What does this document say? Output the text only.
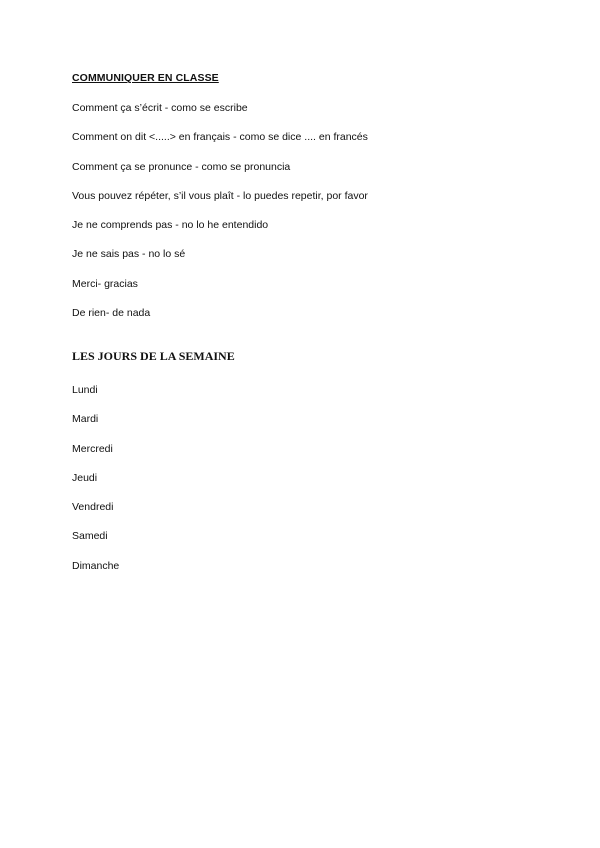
COMMUNIQUER EN CLASSE
Comment ça s’écrit - como se escribe
Comment on dit <.....> en français - como se dice .... en francés
Comment ça se pronunce - como se pronuncia
Vous pouvez répéter, s’il vous plaît - lo puedes repetir, por favor
Je ne comprends pas - no lo he entendido
Je ne sais pas - no lo sé
Merci- gracias
De rien- de nada
LES JOURS DE LA SEMAINE
Lundi
Mardi
Mercredi
Jeudi
Vendredi
Samedi
Dimanche
